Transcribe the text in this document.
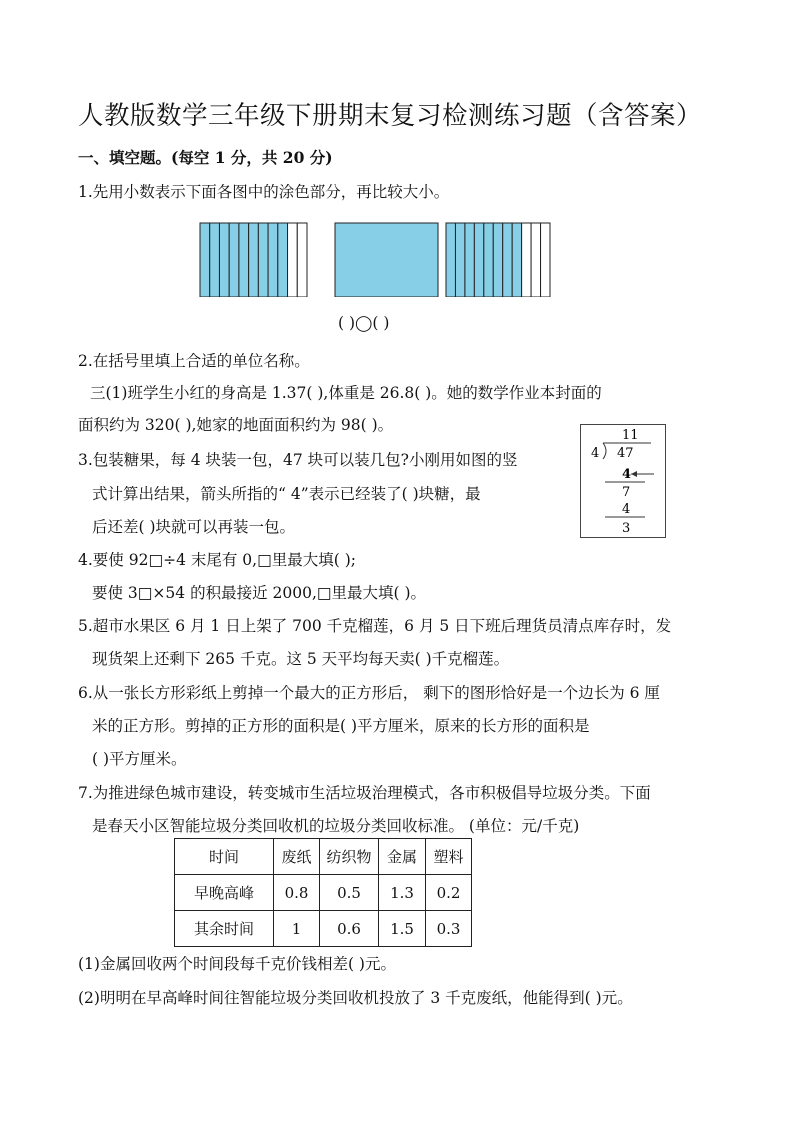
人教版数学三年级下册期末复习检测练习题（含答案）
一、填空题。(每空 1 分，共 20 分)
1.先用小数表示下面各图中的涂色部分，再比较大小。
( )◯( )
2.在括号里填上合适的单位名称。
三(1)班学生小红的身高是 1.37( ),体重是 26.8( )。她的数学作业本封面的
面积约为 320( ),她家的地面面积约为 98( )。
3.包装糖果，每 4 块装一包，47 块可以装几包?小刚用如图的竖
式计算出结果，箭头所指的“ 4”表示已经装了( )块糖，最
后还差( )块就可以再装一包。
11
4 47
4
7
4
3
4.要使 92□÷4 末尾有 0,□里最大填( );
要使 3□×54 的积最接近 2000,□里最大填( )。
5.超市水果区 6 月 1 日上架了 700 千克榴莲，6 月 5 日下班后理货员清点库存时，发
现货架上还剩下 265 千克。这 5 天平均每天卖( )千克榴莲。
6.从一张长方形彩纸上剪掉一个最大的正方形后， 剩下的图形恰好是一个边长为 6 厘
米的正方形。剪掉的正方形的面积是( )平方厘米，原来的长方形的面积是
( )平方厘米。
7.为推进绿色城市建设，转变城市生活垃圾治理模式，各市积极倡导垃圾分类。下面
是春天小区智能垃圾分类回收机的垃圾分类回收标准。 (单位：元/千克)
时间	废纸	纺织物	金属	塑料
早晚高峰	0.8	0.5	1.3	0.2
其余时间	1	0.6	1.5	0.3
(1)金属回收两个时间段每千克价钱相差( )元。
(2)明明在早高峰时间往智能垃圾分类回收机投放了 3 千克废纸，他能得到( )元。
